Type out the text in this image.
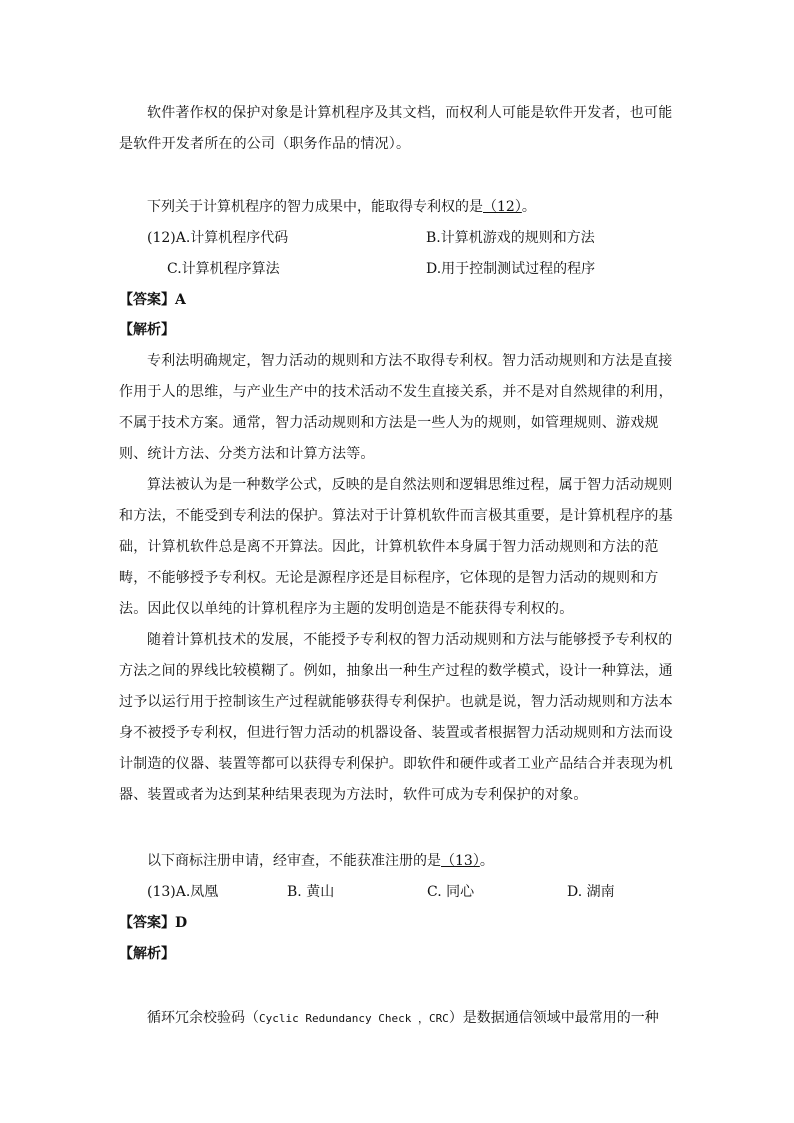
软件著作权的保护对象是计算机程序及其文档，而权利人可能是软件开发者，也可能是软件开发者所在的公司（职务作品的情况）。

下列关于计算机程序的智力成果中，能取得专利权的是（12）。
(12)A.计算机程序代码	B.计算机游戏的规则和方法
C.计算机程序算法	D.用于控制测试过程的程序
【答案】A
【解析】

专利法明确规定，智力活动的规则和方法不取得专利权。智力活动规则和方法是直接作用于人的思维，与产业生产中的技术活动不发生直接关系，并不是对自然规律的利用，不属于技术方案。通常，智力活动规则和方法是一些人为的规则，如管理规则、游戏规则、统计方法、分类方法和计算方法等。

算法被认为是一种数学公式，反映的是自然法则和逻辑思维过程，属于智力活动规则和方法，不能受到专利法的保护。算法对于计算机软件而言极其重要，是计算机程序的基础，计算机软件总是离不开算法。因此，计算机软件本身属于智力活动规则和方法的范畴，不能够授予专利权。无论是源程序还是目标程序，它体现的是智力活动的规则和方法。因此仅以单纯的计算机程序为主题的发明创造是不能获得专利权的。

随着计算机技术的发展，不能授予专利权的智力活动规则和方法与能够授予专利权的方法之间的界线比较模糊了。例如，抽象出一种生产过程的数学模式，设计一种算法，通过予以运行用于控制该生产过程就能够获得专利保护。也就是说，智力活动规则和方法本身不被授予专利权，但进行智力活动的机器设备、装置或者根据智力活动规则和方法而设计制造的仪器、装置等都可以获得专利保护。即软件和硬件或者工业产品结合并表现为机器、装置或者为达到某种结果表现为方法时，软件可成为专利保护的对象。

以下商标注册申请，经审查，不能获准注册的是（13）。
(13)A.凤凰	B. 黄山	C. 同心	D. 湖南
【答案】D
【解析】
循环冗余校验码（Cyclic Redundancy Check ，CRC）是数据通信领域中最常用的一种
